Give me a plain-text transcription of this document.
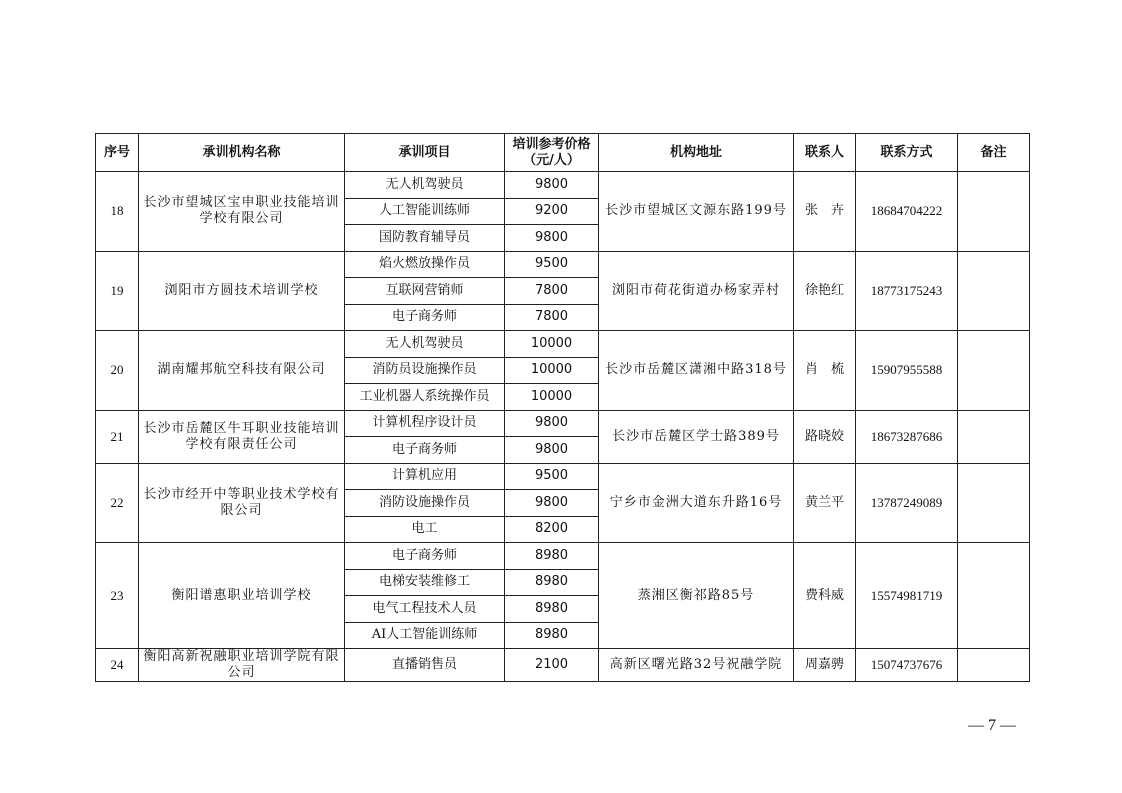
序号	承训机构名称	承训项目	培训参考价格（元/人）	机构地址	联系人	联系方式	备注
18	长沙市望城区宝申职业技能培训学校有限公司	无人机驾驶员	9800	长沙市望城区文源东路199号	张　卉	18684704222	
		人工智能训练师	9200				
		国防教育辅导员	9800				
19	浏阳市方圆技术培训学校	焰火燃放操作员	9500	浏阳市荷花街道办杨家弄村	徐艳红	18773175243	
		互联网营销师	7800				
		电子商务师	7800				
20	湖南耀邦航空科技有限公司	无人机驾驶员	10000	长沙市岳麓区潇湘中路318号	肖　梳	15907955588	
		消防员设施操作员	10000				
		工业机器人系统操作员	10000				
21	长沙市岳麓区牛耳职业技能培训学校有限责任公司	计算机程序设计员	9800	长沙市岳麓区学士路389号	路晓姣	18673287686	
		电子商务师	9800				
22	长沙市经开中等职业技术学校有限公司	计算机应用	9500	宁乡市金洲大道东升路16号	黄兰平	13787249089	
		消防设施操作员	9800				
		电工	8200				
23	衡阳谱惠职业培训学校	电子商务师	8980	蒸湘区衡祁路85号	费科威	15574981719	
		电梯安装维修工	8980				
		电气工程技术人员	8980				
		AI人工智能训练师	8980				
24	衡阳高新祝融职业培训学院有限公司	直播销售员	2100	高新区曙光路32号祝融学院	周嘉骋	15074737676	
— 7 —
